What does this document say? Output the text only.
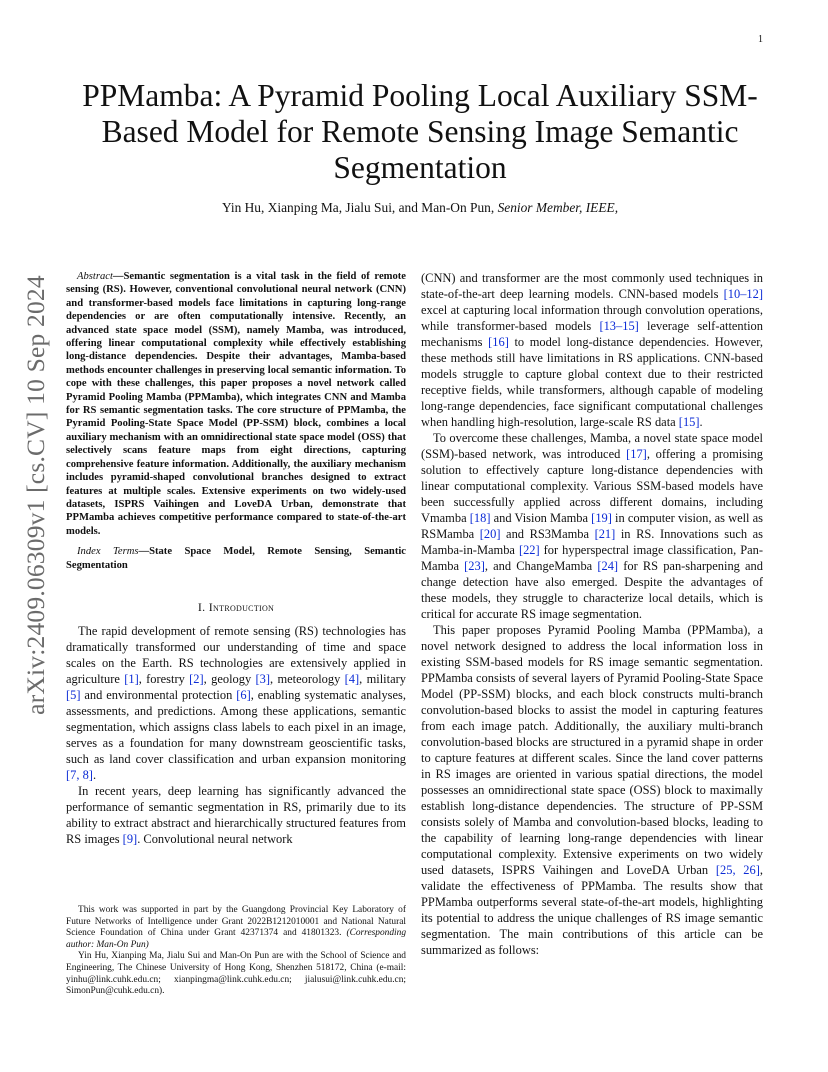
1
arXiv:2409.06309v1 [cs.CV] 10 Sep 2024
PPMamba: A Pyramid Pooling Local Auxiliary SSM-Based Model for Remote Sensing Image Semantic Segmentation
Yin Hu, Xianping Ma, Jialu Sui, and Man-On Pun, Senior Member, IEEE,

Abstract—Semantic segmentation is a vital task in the field of remote sensing (RS). However, conventional convolutional neural network (CNN) and transformer-based models face limitations in capturing long-range dependencies or are often computationally intensive. Recently, an advanced state space model (SSM), namely Mamba, was introduced, offering linear computational complexity while effectively establishing long-distance dependencies. Despite their advantages, Mamba-based methods encounter challenges in preserving local semantic information. To cope with these challenges, this paper proposes a novel network called Pyramid Pooling Mamba (PPMamba), which integrates CNN and Mamba for RS semantic segmentation tasks. The core structure of PPMamba, the Pyramid Pooling-State Space Model (PP-SSM) block, combines a local auxiliary mechanism with an omnidirectional state space model (OSS) that selectively scans feature maps from eight directions, capturing comprehensive feature information. Additionally, the auxiliary mechanism includes pyramid-shaped convolutional branches designed to extract features at multiple scales. Extensive experiments on two widely-used datasets, ISPRS Vaihingen and LoveDA Urban, demonstrate that PPMamba achieves competitive performance compared to state-of-the-art models.

Index Terms—State Space Model, Remote Sensing, Semantic Segmentation

I. Introduction

The rapid development of remote sensing (RS) technologies has dramatically transformed our understanding of time and space scales on the Earth. RS technologies are extensively applied in agriculture [1], forestry [2], geology [3], meteorology [4], military [5] and environmental protection [6], enabling systematic analyses, assessments, and predictions. Among these applications, semantic segmentation, which assigns class labels to each pixel in an image, serves as a foundation for many downstream geoscientific tasks, such as land cover classification and urban expansion monitoring [7, 8].

In recent years, deep learning has significantly advanced the performance of semantic segmentation in RS, primarily due to its ability to extract abstract and hierarchically structured features from RS images [9]. Convolutional neural network

This work was supported in part by the Guangdong Provincial Key Laboratory of Future Networks of Intelligence under Grant 2022B1212010001 and National Natural Science Foundation of China under Grant 42371374 and 41801323. (Corresponding author: Man-On Pun)

Yin Hu, Xianping Ma, Jialu Sui and Man-On Pun are with the School of Science and Engineering, The Chinese University of Hong Kong, Shenzhen 518172, China (e-mail: yinhu@link.cuhk.edu.cn; xianpingma@link.cuhk.edu.cn; jialusui@link.cuhk.edu.cn; SimonPun@cuhk.edu.cn).

(CNN) and transformer are the most commonly used techniques in state-of-the-art deep learning models. CNN-based models [10–12] excel at capturing local information through convolution operations, while transformer-based models [13–15] leverage self-attention mechanisms [16] to model long-distance dependencies. However, these methods still have limitations in RS applications. CNN-based models struggle to capture global context due to their restricted receptive fields, while transformers, although capable of modeling long-range dependencies, face significant computational challenges when handling high-resolution, large-scale RS data [15].

To overcome these challenges, Mamba, a novel state space model (SSM)-based network, was introduced [17], offering a promising solution to effectively capture long-distance dependencies with linear computational complexity. Various SSM-based models have been successfully applied across different domains, including Vmamba [18] and Vision Mamba [19] in computer vision, as well as RSMamba [20] and RS3Mamba [21] in RS. Innovations such as Mamba-in-Mamba [22] for hyperspectral image classification, Pan-Mamba [23], and ChangeMamba [24] for RS pan-sharpening and change detection have also emerged. Despite the advantages of these models, they struggle to characterize local details, which is critical for accurate RS image segmentation.

This paper proposes Pyramid Pooling Mamba (PPMamba), a novel network designed to address the local information loss in existing SSM-based models for RS image semantic segmentation. PPMamba consists of several layers of Pyramid Pooling-State Space Model (PP-SSM) blocks, and each block constructs multi-branch convolution-based blocks to assist the model in capturing features from each image patch. Additionally, the auxiliary multi-branch convolution-based blocks are structured in a pyramid shape in order to capture features at different scales. Since the land cover patterns in RS images are oriented in various spatial directions, the model possesses an omnidirectional state space (OSS) block to maximally establish long-distance dependencies. The structure of PP-SSM consists solely of Mamba and convolution-based blocks, leading to the capability of learning long-range dependencies with linear computational complexity. Extensive experiments on two widely used datasets, ISPRS Vaihingen and LoveDA Urban [25, 26], validate the effectiveness of PPMamba. The results show that PPMamba outperforms several state-of-the-art models, highlighting its potential to address the unique challenges of RS image semantic segmentation. The main contributions of this article can be summarized as follows:
